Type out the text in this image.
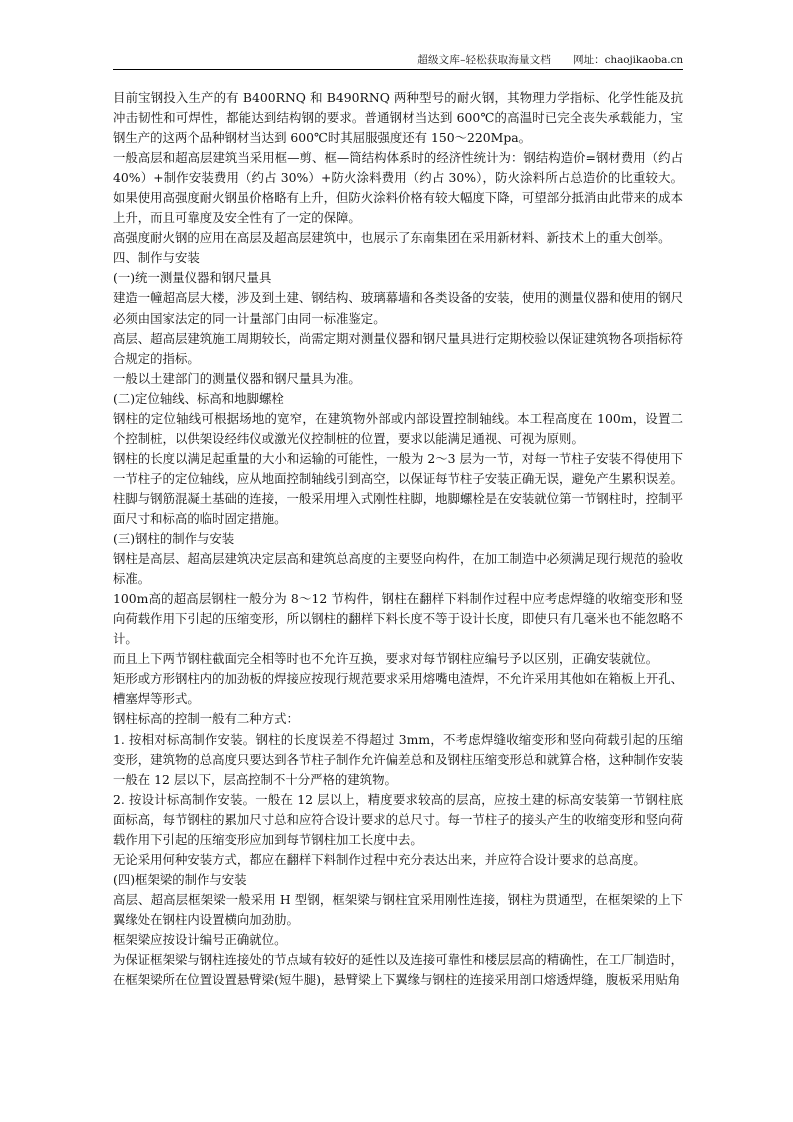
超级文库–轻松获取海量文档 网址：chaojikaoba.cn

目前宝钢投入生产的有 B400RNQ 和 B490RNQ 两种型号的耐火钢，其物理力学指标、化学性能及抗冲击韧性和可焊性，都能达到结构钢的要求。普通钢材当达到 600℃的高温时已完全丧失承载能力，宝钢生产的这两个品种钢材当达到 600℃时其屈服强度还有 150～220Mpa。

一般高层和超高层建筑当采用框—剪、框—筒结构体系时的经济性统计为：钢结构造价=钢材费用（约占 40%）+制作安装费用（约占 30%）+防火涂料费用（约占 30%），防火涂料所占总造价的比重较大。如果使用高强度耐火钢虽价格略有上升，但防火涂料价格有较大幅度下降，可望部分抵消由此带来的成本上升，而且可靠度及安全性有了一定的保障。

高强度耐火钢的应用在高层及超高层建筑中，也展示了东南集团在采用新材料、新技术上的重大创举。

四、制作与安装

(一)统一测量仪器和钢尺量具

建造一幢超高层大楼，涉及到土建、钢结构、玻璃幕墙和各类设备的安装，使用的测量仪器和使用的钢尺必须由国家法定的同一计量部门由同一标准鉴定。

高层、超高层建筑施工周期较长，尚需定期对测量仪器和钢尺量具进行定期校验以保证建筑物各项指标符合规定的指标。

一般以土建部门的测量仪器和钢尺量具为准。

(二)定位轴线、标高和地脚螺栓

钢柱的定位轴线可根据场地的宽窄，在建筑物外部或内部设置控制轴线。本工程高度在 100m，设置二个控制桩，以供架设经纬仪或激光仪控制桩的位置，要求以能满足通视、可视为原则。

钢柱的长度以满足起重量的大小和运输的可能性，一般为 2～3 层为一节，对每一节柱子安装不得使用下一节柱子的定位轴线，应从地面控制轴线引到高空，以保证每节柱子安装正确无误，避免产生累积误差。

柱脚与钢筋混凝土基础的连接，一般采用埋入式刚性柱脚，地脚螺栓是在安装就位第一节钢柱时，控制平面尺寸和标高的临时固定措施。

(三)钢柱的制作与安装

钢柱是高层、超高层建筑决定层高和建筑总高度的主要竖向构件，在加工制造中必须满足现行规范的验收标准。

100m高的超高层钢柱一般分为 8～12 节构件，钢柱在翻样下料制作过程中应考虑焊缝的收缩变形和竖向荷载作用下引起的压缩变形，所以钢柱的翻样下料长度不等于设计长度，即使只有几毫米也不能忽略不计。

而且上下两节钢柱截面完全相等时也不允许互换，要求对每节钢柱应编号予以区别，正确安装就位。

矩形或方形钢柱内的加劲板的焊接应按现行规范要求采用熔嘴电渣焊，不允许采用其他如在箱板上开孔、槽塞焊等形式。

钢柱标高的控制一般有二种方式：

1. 按相对标高制作安装。钢柱的长度误差不得超过 3mm，不考虑焊缝收缩变形和竖向荷载引起的压缩变形，建筑物的总高度只要达到各节柱子制作允许偏差总和及钢柱压缩变形总和就算合格，这种制作安装一般在 12 层以下，层高控制不十分严格的建筑物。

2. 按设计标高制作安装。一般在 12 层以上，精度要求较高的层高，应按土建的标高安装第一节钢柱底面标高，每节钢柱的累加尺寸总和应符合设计要求的总尺寸。每一节柱子的接头产生的收缩变形和竖向荷载作用下引起的压缩变形应加到每节钢柱加工长度中去。

无论采用何种安装方式，都应在翻样下料制作过程中充分表达出来，并应符合设计要求的总高度。

(四)框架梁的制作与安装

高层、超高层框架梁一般采用 H 型钢，框架梁与钢柱宜采用刚性连接，钢柱为贯通型，在框架梁的上下翼缘处在钢柱内设置横向加劲肋。

框架梁应按设计编号正确就位。

为保证框架梁与钢柱连接处的节点域有较好的延性以及连接可靠性和楼层层高的精确性，在工厂制造时，在框架梁所在位置设置悬臂梁(短牛腿)，悬臂梁上下翼缘与钢柱的连接采用剖口熔透焊缝，腹板采用贴角
